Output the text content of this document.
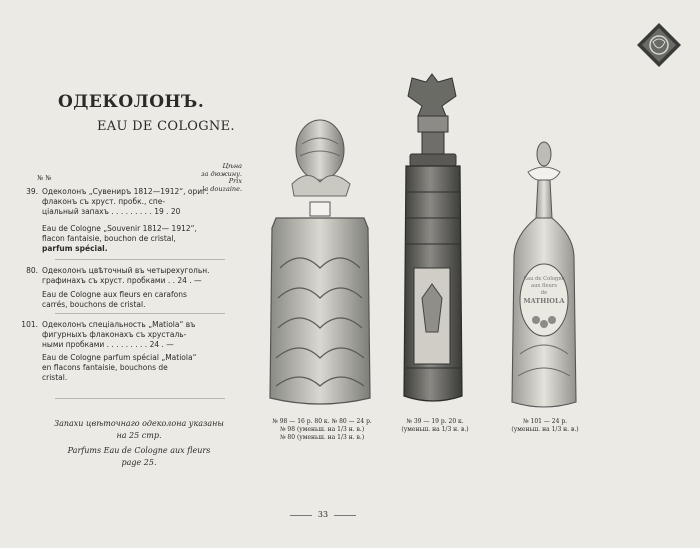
ОДЕКОЛОНЪ.
EAU DE COLOGNE.
Цѣна
за дюжину.
Prix
la douzaine.
№ №
39. Одеколонъ „Сувениръ 1812—1912“, ориг.
флаконъ съ хруст. пробк., спе-
ціальный запахъ . . . . . . . . . 19 . 20
Eau de Cologne „Souvenir 1812— 1912“,
flacon fantaisie, bouchon de cristal,
parfum spécial.
80. Одеколонъ цвѣточный въ четырехугольн.
графинахъ съ хруст. пробками . . 24 . —
Eau de Cologne aux fleurs en carafons
carrés, bouchons de cristal.
101. Одеколонъ спеціальность „Matiola“ въ
фигурныхъ флаконахъ съ хрусталь-
ными пробками . . . . . . . . . 24 . —
Eau de Cologne parfum spécial „Matiola“
en flacons fantaisie, bouchons de
cristal.
Запахи цвѣточнаго одеколона указаны
на 25 стр.
Parfums Eau de Cologne aux fleurs
page 25.
Eau de Cologne
aux fleurs
de
MATHIOLA
№ 98 — 16 р. 80 к. № 80 — 24 р.
№ 98 (уменьш. на 1/3 н. в.)
№ 80 (уменьш. на 1/3 н. в.)
№ 39 — 19 р. 20 к.
(уменьш. на 1/3 н. в.)
№ 101 — 24 р.
(уменьш. на 1/3 н. в.)
33
